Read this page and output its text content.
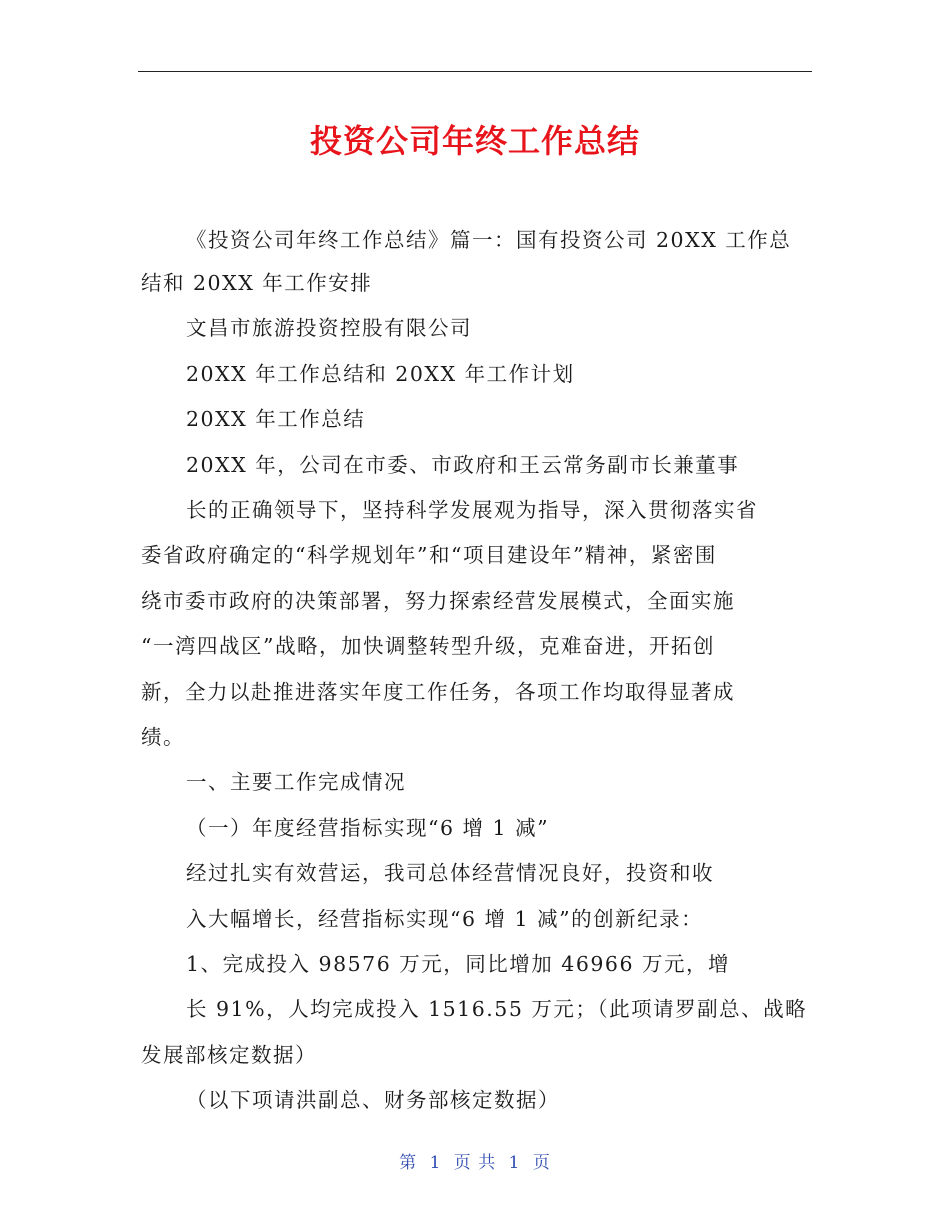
投资公司年终工作总结
《投资公司年终工作总结》篇一：国有投资公司 20XX 工作总
结和 20XX 年工作安排
文昌市旅游投资控股有限公司
20XX 年工作总结和 20XX 年工作计划
20XX 年工作总结
20XX 年，公司在市委、市政府和王云常务副市长兼董事
长的正确领导下，坚持科学发展观为指导，深入贯彻落实省
委省政府确定的“科学规划年”和“项目建设年”精神，紧密围
绕市委市政府的决策部署，努力探索经营发展模式，全面实施
“一湾四战区”战略，加快调整转型升级，克难奋进，开拓创
新，全力以赴推进落实年度工作任务，各项工作均取得显著成
绩。
一、主要工作完成情况
（一）年度经营指标实现“6 增 1 减”
经过扎实有效营运，我司总体经营情况良好，投资和收
入大幅增长，经营指标实现“6 增 1 减”的创新纪录：
1、完成投入 98576 万元，同比增加 46966 万元，增
长 91%，人均完成投入 1516.55 万元；（此项请罗副总、战略
发展部核定数据）
（以下项请洪副总、财务部核定数据）
第 1 页 共 1 页
